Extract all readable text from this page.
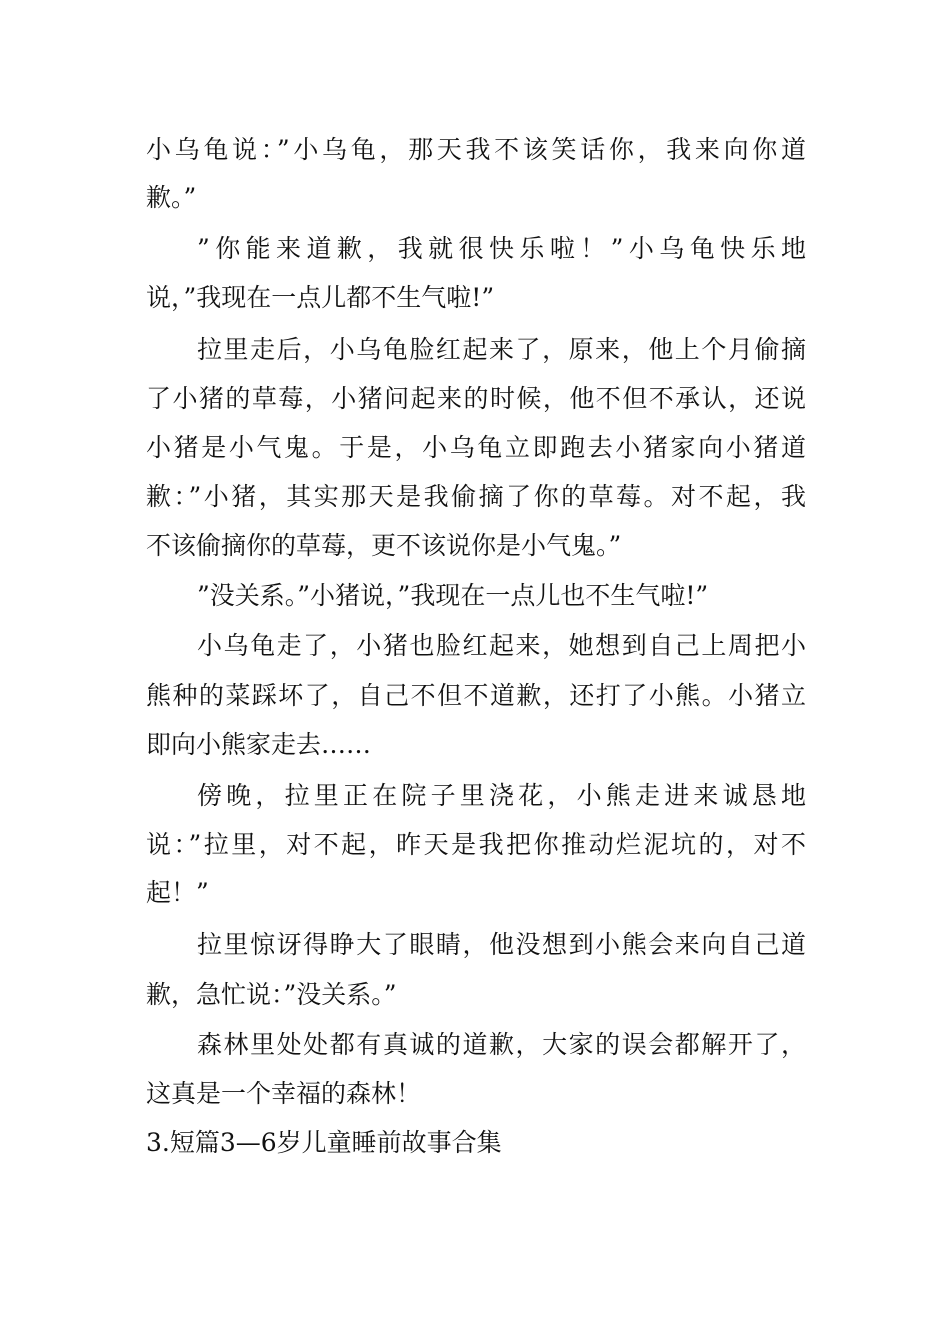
小乌龟说：”小乌龟，那天我不该笑话你，我来向你道
歉。”
”你能来道歉，我就很快乐啦！”小乌龟快乐地
说，”我现在一点儿都不生气啦!”
拉里走后，小乌龟脸红起来了，原来，他上个月偷摘
了小猪的草莓，小猪问起来的时候，他不但不承认，还说
小猪是小气鬼。于是，小乌龟立即跑去小猪家向小猪道
歉：”小猪，其实那天是我偷摘了你的草莓。对不起，我
不该偷摘你的草莓，更不该说你是小气鬼。”
”没关系。”小猪说，”我现在一点儿也不生气啦!”
小乌龟走了，小猪也脸红起来，她想到自己上周把小
熊种的菜踩坏了，自己不但不道歉，还打了小熊。小猪立
即向小熊家走去……
傍晚，拉里正在院子里浇花，小熊走进来诚恳地
说：”拉里，对不起，昨天是我把你推动烂泥坑的，对不
起！”
拉里惊讶得睁大了眼睛，他没想到小熊会来向自己道
歉，急忙说：”没关系。”
森林里处处都有真诚的道歉，大家的误会都解开了，
这真是一个幸福的森林！
3.短篇3—6岁儿童睡前故事合集
